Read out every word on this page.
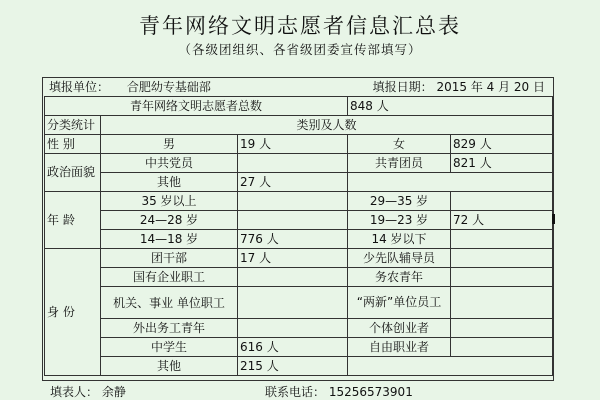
青年网络文明志愿者信息汇总表
（各级团组织、各省级团委宣传部填写）
填报单位： 合肥幼专基础部	填报日期： 2015 年 4 月 20 日
青年网络文明志愿者总数			848 人	
分类统计	类别及人数			
性 别	男	19 人	女	829 人
政治面貌	中共党员		共青团员	821 人
	其他	27 人		
年 龄	35 岁以上		29—35 岁	
	24—28 岁		19—23 岁	72 人
	14—18 岁	776 人	14 岁以下	
身 份	团干部	17 人	少先队辅导员	
	国有企业职工		务农青年	
	机关、事业 单位职工		“两新”单位员工	
	外出务工青年		个体创业者	
	中学生	616 人	自由职业者	
	其他	215 人		
填表人： 余静	联系电话： 15256573901
